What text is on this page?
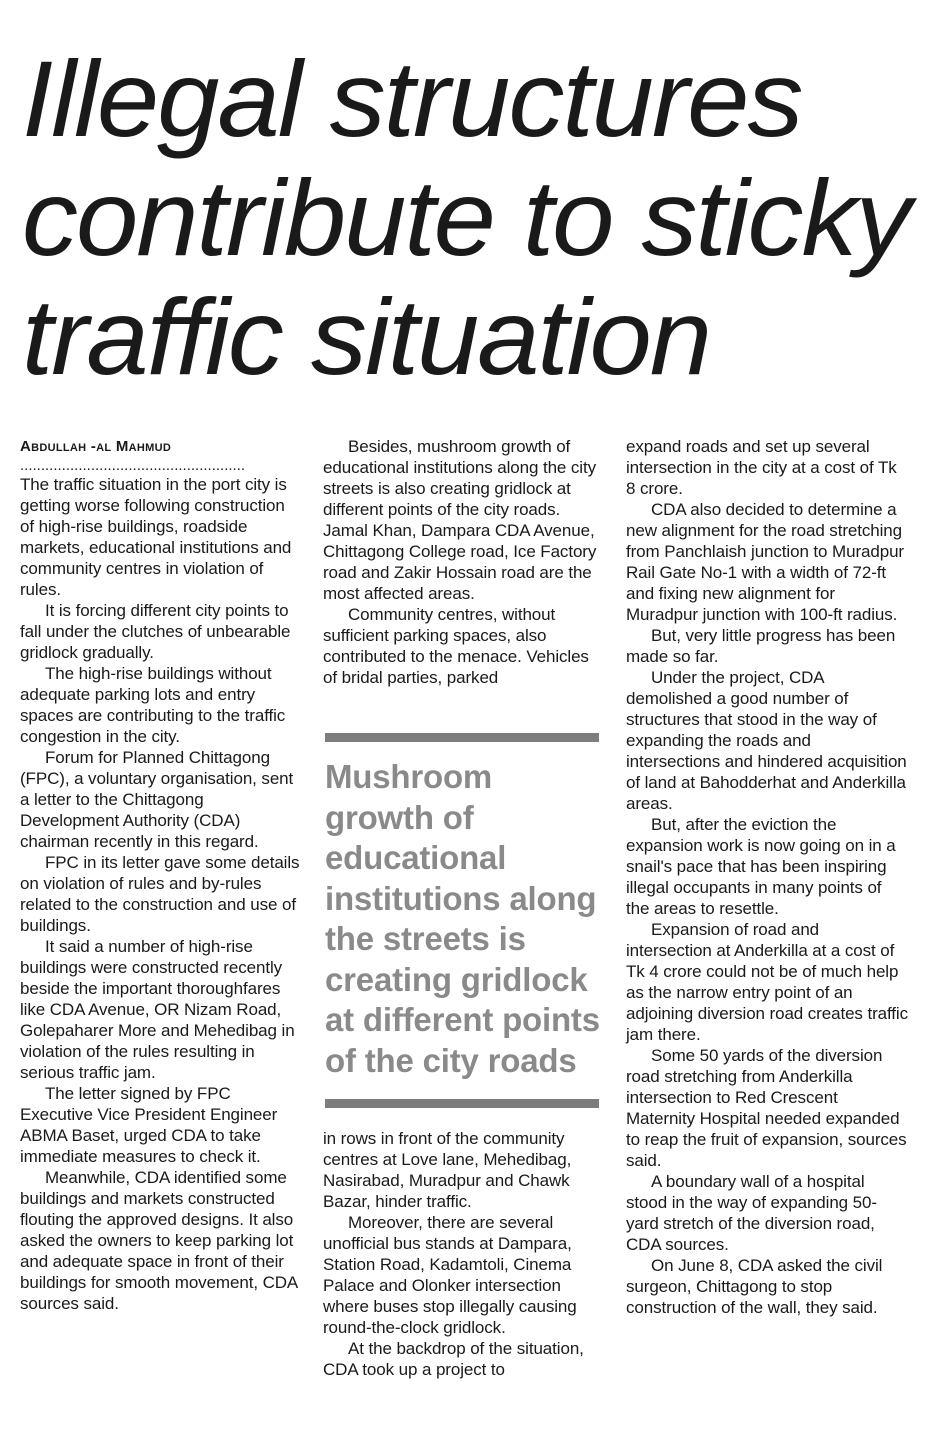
Illegal structures
contribute to sticky
traffic situation

Abdullah -al Mahmud

......................................................

The traffic situation in the port city is getting worse following construction of high-rise buildings, roadside markets, educational institutions and community centres in violation of rules.

It is forcing different city points to fall under the clutches of unbearable gridlock gradually.

The high-rise buildings without adequate parking lots and entry spaces are contributing to the traffic congestion in the city.

Forum for Planned Chittagong (FPC), a voluntary organisation, sent a letter to the Chittagong Development Authority (CDA) chairman recently in this regard.

FPC in its letter gave some details on violation of rules and by-rules related to the construction and use of buildings.

It said a number of high-rise buildings were constructed recently beside the important thoroughfares like CDA Avenue, OR Nizam Road, Golepaharer More and Mehedibag in violation of the rules resulting in serious traffic jam.

The letter signed by FPC Executive Vice President Engineer ABMA Baset, urged CDA to take immediate measures to check it.

Meanwhile, CDA identified some buildings and markets constructed flouting the approved designs. It also asked the owners to keep parking lot and adequate space in front of their buildings for smooth movement, CDA sources said.

Besides, mushroom growth of educational institutions along the city streets is also creating gridlock at different points of the city roads. Jamal Khan, Dampara CDA Avenue, Chittagong College road, Ice Factory road and Zakir Hossain road are the most affected areas.

Community centres, without sufficient parking spaces, also contributed to the menace. Vehicles of bridal parties, parked

Mushroom growth of educational institutions along the streets is creating gridlock at different points of the city roads

in rows in front of the community centres at Love lane, Mehedibag, Nasirabad, Muradpur and Chawk Bazar, hinder traffic.

Moreover, there are several unofficial bus stands at Dampara, Station Road, Kadamtoli, Cinema Palace and Olonker intersection where buses stop illegally causing round-the-clock gridlock.

At the backdrop of the situation, CDA took up a project to

expand roads and set up several intersection in the city at a cost of Tk 8 crore.

CDA also decided to determine a new alignment for the road stretching from Panchlaish junction to Muradpur Rail Gate No-1 with a width of 72-ft and fixing new alignment for Muradpur junction with 100-ft radius.

But, very little progress has been made so far.

Under the project, CDA demolished a good number of structures that stood in the way of expanding the roads and intersections and hindered acquisition of land at Bahodderhat and Anderkilla areas.

But, after the eviction the expansion work is now going on in a snail's pace that has been inspiring illegal occupants in many points of the areas to resettle.

Expansion of road and intersection at Anderkilla at a cost of Tk 4 crore could not be of much help as the narrow entry point of an adjoining diversion road creates traffic jam there.

Some 50 yards of the diversion road stretching from Anderkilla intersection to Red Crescent Maternity Hospital needed expanded to reap the fruit of expansion, sources said.

A boundary wall of a hospital stood in the way of expanding 50-yard stretch of the diversion road, CDA sources.

On June 8, CDA asked the civil surgeon, Chittagong to stop construction of the wall, they said.
